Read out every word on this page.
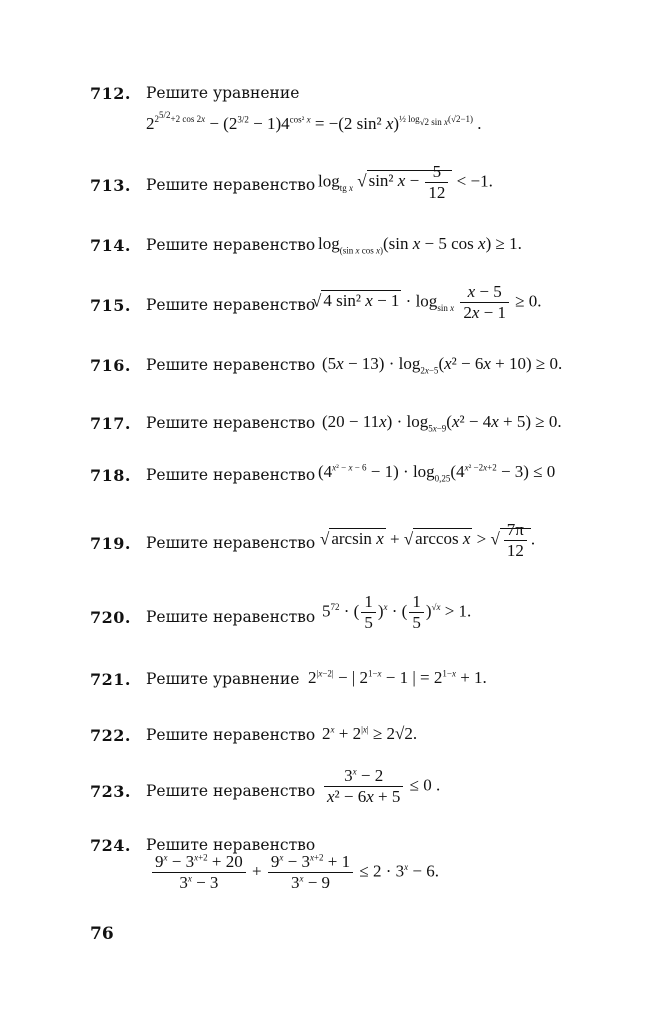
712. Решите уравнение
$2^{2^{5/2}+2 cos 2x} - (2^{3/2} - 1)4^{cos^2 x} = -(2$ sin² x)$^{\frac{1}{2} log_{√2 sin x}(√2-1)}$ .
713. Решите неравенство $\log_{tg x}$ √ sin² $x - \frac{5}{12} < -1$.
714. Решите неравенство $\log_{(sin x cos x)}(\sin$ x − 5 cos x) ≥ 1.
715. Решите неравенство
√ 4 sin² $x - 1 \cdot \log_{sin x} \frac{x - 5}{2x - 1} \ge 0$.
716. Решите неравенство $(5x - 13) \cdot \log_{2x-5}(x^2 - 6x + 10) \ge 0$.
717. Решите неравенство $(20 - 11x) \cdot \log_{5x-9}(x^2 - 4x + 5) \ge 0$.
718. Решите неравенство $(4^{x^2 - x - 6} - 1) \cdot \log_{0,25}(4^{x^2 -2x+2} - 3) \le 0$
719. Решите неравенство √ arcsin x + √ arccos x > √ $\frac{7\pi}{12}$ .
720. Решите неравенство $5^{72}$ · ( $\frac{1}{5} )^x$ · ( $\frac{1}{5} )^{√x} > 1$.
721. Решите уравнение $2^{|x-2|}$ − | $2^{1-x} - 1$ | = $2^{1-x} + 1$.
722. Решите неравенство $2^x + 2^{|x|} \ge 2√2$.
723. Решите неравенство $\frac{3^x - 2}{\text{x² − 6x + 5}} \le 0$ .
724. Решите неравенство
$\frac{9^x - 3^{x+2} + 20}{3^x - 3} + \frac{9^x - 3^{x+2} + 1}{3^x - 9} \le 2 \cdot 3^x - 6$.
76
